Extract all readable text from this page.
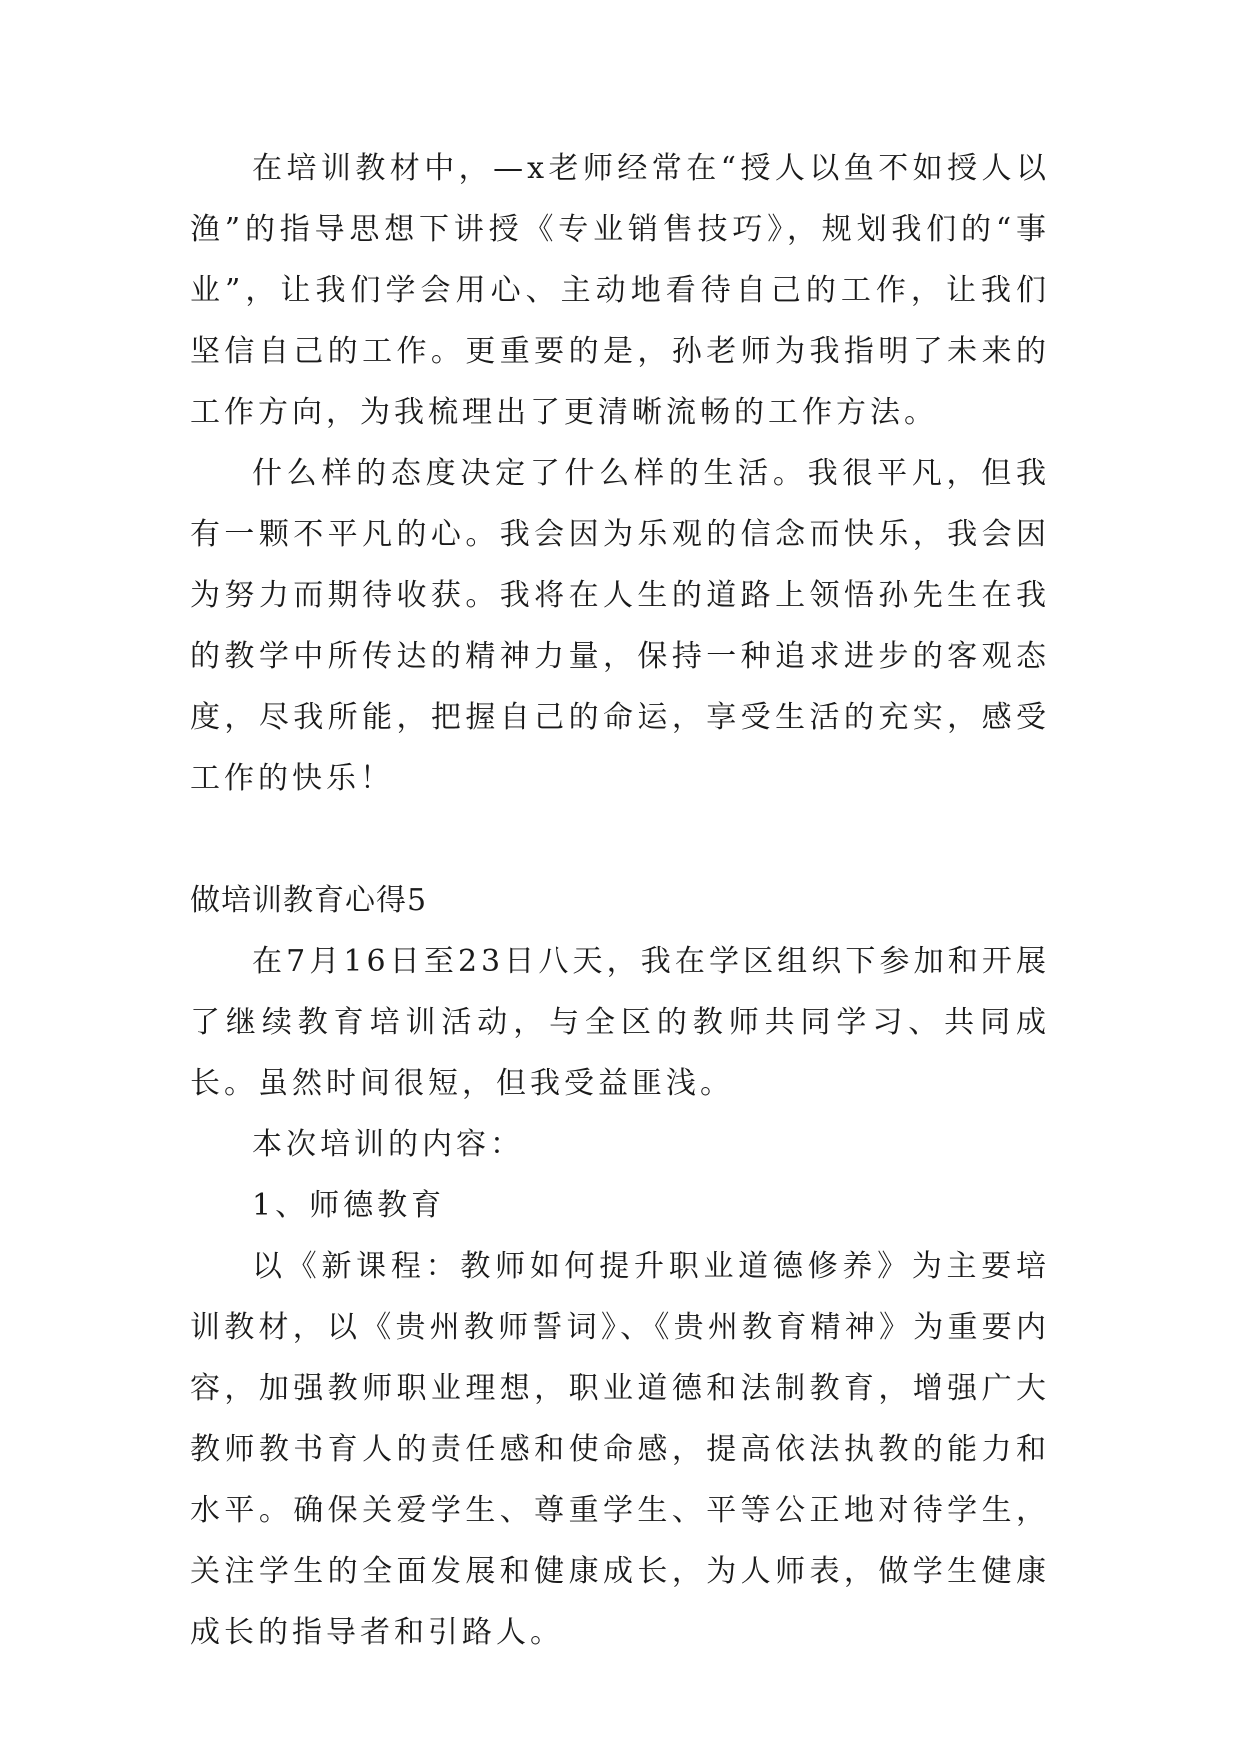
在培训教材中，—x老师经常在“授人以鱼不如授人以渔”的指导思想下讲授《专业销售技巧》，规划我们的“事业”，让我们学会用心、主动地看待自己的工作，让我们坚信自己的工作。更重要的是，孙老师为我指明了未来的工作方向，为我梳理出了更清晰流畅的工作方法。

什么样的态度决定了什么样的生活。我很平凡，但我有一颗不平凡的心。我会因为乐观的信念而快乐，我会因为努力而期待收获。我将在人生的道路上领悟孙先生在我的教学中所传达的精神力量，保持一种追求进步的客观态度，尽我所能，把握自己的命运，享受生活的充实，感受工作的快乐！

做培训教育心得5

在7月16日至23日八天，我在学区组织下参加和开展了继续教育培训活动，与全区的教师共同学习、共同成长。虽然时间很短，但我受益匪浅。

本次培训的内容：

1、师德教育

以《新课程：教师如何提升职业道德修养》为主要培训教材，以《贵州教师誓词》、《贵州教育精神》为重要内容，加强教师职业理想，职业道德和法制教育，增强广大教师教书育人的责任感和使命感，提高依法执教的能力和水平。确保关爱学生、尊重学生、平等公正地对待学生，关注学生的全面发展和健康成长，为人师表，做学生健康成长的指导者和引路人。
